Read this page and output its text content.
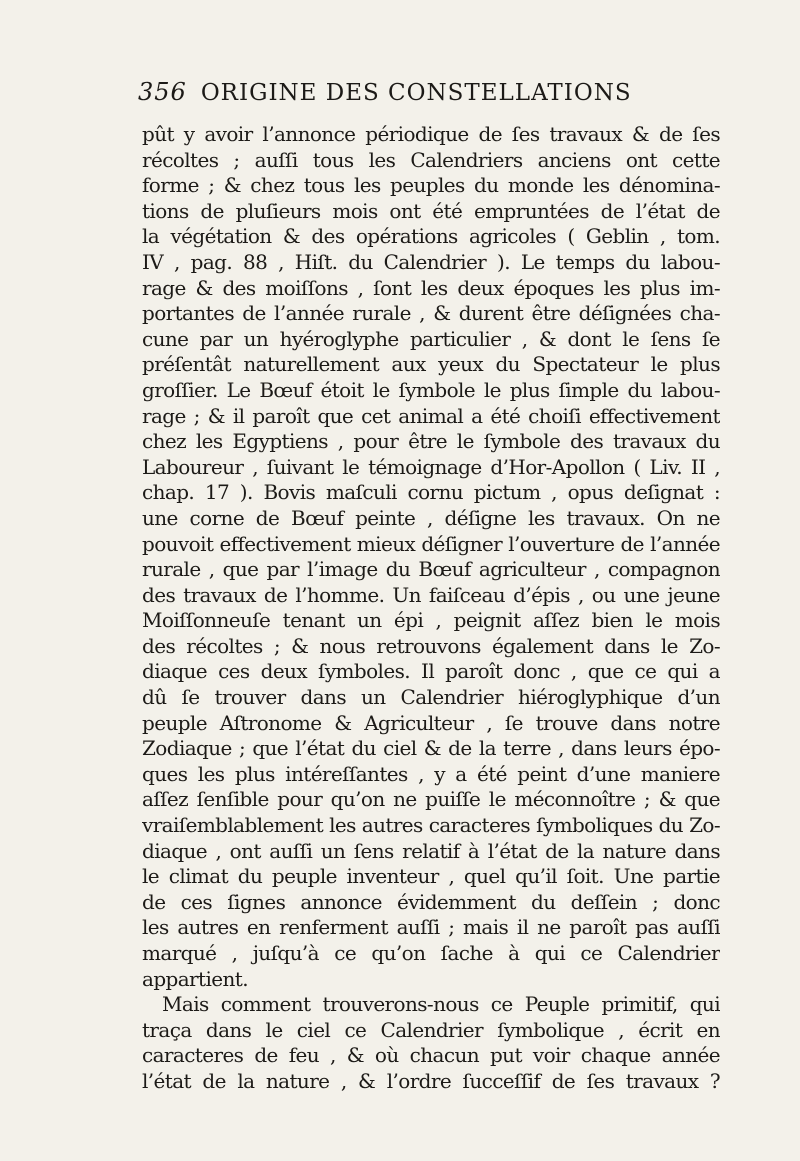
356 ORIGINE DES CONSTELLATIONS
pût y avoir l’annonce périodique de ſes travaux & de ſes
récoltes ; auſſi tous les Calendriers anciens ont cette
forme ; & chez tous les peuples du monde les dénomina-
tions de pluſieurs mois ont été empruntées de l’état de
la végétation & des opérations agricoles ( Geblin , tom.
IV , pag. 88 , Hiſt. du Calendrier ). Le temps du labou-
rage & des moiſſons , ſont les deux époques les plus im-
portantes de l’année rurale , & durent être déſignées cha-
cune par un hyéroglyphe particulier , & dont le ſens ſe
préſentât naturellement aux yeux du Spectateur le plus
groſſier. Le Bœuf étoit le ſymbole le plus ſimple du labou-
rage ; & il paroît que cet animal a été choiſi effectivement
chez les Egyptiens , pour être le ſymbole des travaux du
Laboureur , ſuivant le témoignage d’Hor-Apollon ( Liv. II ,
chap. 17 ). Bovis maſculi cornu pictum , opus deſignat :
une corne de Bœuf peinte , déſigne les travaux. On ne
pouvoit effectivement mieux déſigner l’ouverture de l’année
rurale , que par l’image du Bœuf agriculteur , compagnon
des travaux de l’homme. Un faiſceau d’épis , ou une jeune
Moiſſonneuſe tenant un épi , peignit aſſez bien le mois
des récoltes ; & nous retrouvons également dans le Zo-
diaque ces deux ſymboles. Il paroît donc , que ce qui a
dû ſe trouver dans un Calendrier hiéroglyphique d’un
peuple Aſtronome & Agriculteur , ſe trouve dans notre
Zodiaque ; que l’état du ciel & de la terre , dans leurs épo-
ques les plus intéreſſantes , y a été peint d’une maniere
aſſez ſenſible pour qu’on ne puiſſe le méconnoître ; & que
vraiſemblablement les autres caracteres ſymboliques du Zo-
diaque , ont auſſi un ſens relatif à l’état de la nature dans
le climat du peuple inventeur , quel qu’il ſoit. Une partie
de ces ſignes annonce évidemment du deſſein ; donc
les autres en renferment auſſi ; mais il ne paroît pas auſſi
marqué , juſqu’à ce qu’on ſache à qui ce Calendrier
appartient.
Mais comment trouverons-nous ce Peuple primitif, qui
traça dans le ciel ce Calendrier ſymbolique , écrit en
caracteres de feu , & où chacun put voir chaque année
l’état de la nature , & l’ordre ſucceſſif de ſes travaux ?
